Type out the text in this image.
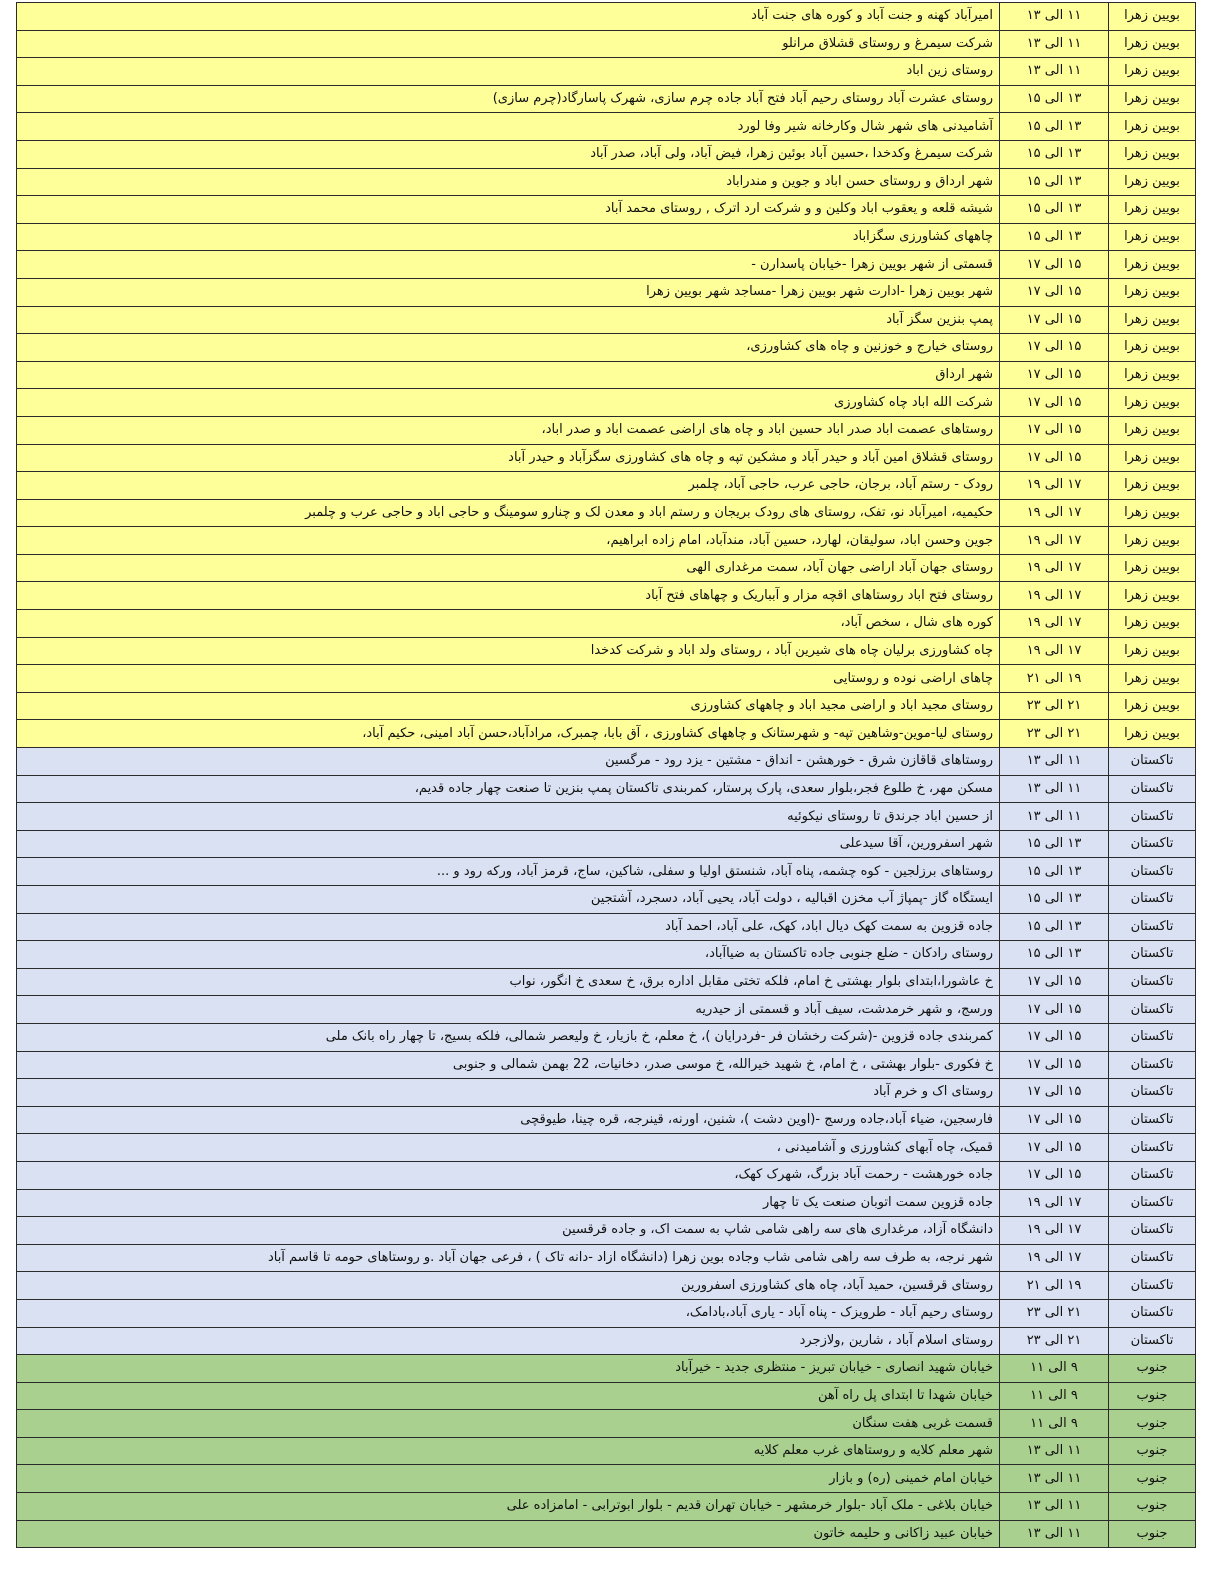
بویین زهرا	۱۱ الی ۱۳	امیرآباد کهنه و جنت آباد و کوره های جنت آباد
بویین زهرا	۱۱ الی ۱۳	شرکت سیمرغ و روستای قشلاق مرانلو
بویین زهرا	۱۱ الی ۱۳	روستای زین اباد
بویین زهرا	۱۳ الی ۱۵	روستای عشرت آباد روستای رحیم آباد فتح آباد جاده چرم سازی، شهرک پاسارگاد(چرم سازی)
بویین زهرا	۱۳ الی ۱۵	آشامیدنی های شهر شال وکارخانه شیر وفا لورد
بویین زهرا	۱۳ الی ۱۵	شرکت سیمرغ وکدخدا ،حسین آباد بوئین زهرا، فیض آباد، ولی آباد، صدر آباد
بویین زهرا	۱۳ الی ۱۵	شهر ارداق و روستای حسن اباد و جوین و مندراباد
بویین زهرا	۱۳ الی ۱۵	شیشه قلعه و یعقوب اباد وکلین و و شرکت ارد اترک , روستای محمد آباد
بویین زهرا	۱۳ الی ۱۵	چاههای کشاورزی سگزاباد
بویین زهرا	۱۵ الی ۱۷	قسمتی از شهر بویین زهرا -خیابان پاسدارن -
بویین زهرا	۱۵ الی ۱۷	شهر بویین زهرا -ادارت شهر بویین زهرا -مساجد شهر بویین زهرا
بویین زهرا	۱۵ الی ۱۷	پمپ بنزین سگز آباد
بویین زهرا	۱۵ الی ۱۷	روستای خیارج و خوزنین و چاه های کشاورزی،
بویین زهرا	۱۵ الی ۱۷	شهر ارداق
بویین زهرا	۱۵ الی ۱۷	شرکت الله اباد چاه کشاورزی
بویین زهرا	۱۵ الی ۱۷	روستاهای عصمت اباد صدر اباد حسین اباد و چاه های اراضی عصمت اباد و صدر اباد،
بویین زهرا	۱۵ الی ۱۷	روستای قشلاق امین آباد و حیدر آباد و مشکین تپه و چاه های کشاورزی سگزآباد و حیدر آباد
بویین زهرا	۱۷ الی ۱۹	رودک - رستم آباد، برجان، حاجی عرب، حاجی آباد، چلمبر
بویین زهرا	۱۷ الی ۱۹	حکیمیه، امیرآباد نو، تفک، روستای های رودک بریجان و رستم اباد و معدن لک و چنارو سومینگ و حاجی اباد و حاجی عرب و چلمبر
بویین زهرا	۱۷ الی ۱۹	جوین وحسن اباد، سولیقان، لهارد، حسین آباد، مندآباد، امام زاده ابراهیم،
بویین زهرا	۱۷ الی ۱۹	روستای جهان آباد اراضی جهان آباد، سمت مرغداری الهی
بویین زهرا	۱۷ الی ۱۹	روستای فتح اباد روستاهای اقچه مزار و آبباریک و چهاهای فتح آباد
بویین زهرا	۱۷ الی ۱۹	کوره های شال ، سخص آباد،
بویین زهرا	۱۷ الی ۱۹	چاه کشاورزی برلیان چاه های شیرین آباد ، روستای ولد اباد و شرکت کدخدا
بویین زهرا	۱۹ الی ۲۱	چاهای اراضی نوده و روستایی
بویین زهرا	۲۱ الی ۲۳	روستای مجید اباد و اراضی مجید اباد و چاههای کشاورزی
بویین زهرا	۲۱ الی ۲۳	روستای لیا-موین-وشاهین تپه- و شهرستانک و چاههای کشاورزی ، آق بابا، چمبرک، مرادآباد،حسن آباد امینی، حکیم آباد،
تاکستان	۱۱ الی ۱۳	روستاهای قاقازن شرق - خورهشن - انداق - مشتین - یزد رود - مرگسین
تاکستان	۱۱ الی ۱۳	مسکن مهر، خ طلوع فجر،بلوار سعدی، پارک پرستار، کمربندی تاکستان پمپ بنزین تا صنعت چهار جاده قدیم،
تاکستان	۱۱ الی ۱۳	از حسین اباد جرندق تا روستای نیکوئیه
تاکستان	۱۳ الی ۱۵	شهر اسفرورین، آقا سیدعلی
تاکستان	۱۳ الی ۱۵	روستاهای برزلجین - کوه چشمه، پناه آباد، شنستق اولیا و سفلی، شاکین، ساج، قرمز آباد، ورکه رود و ...
تاکستان	۱۳ الی ۱۵	ایستگاه گاز -پمپاژ آب مخزن اقبالیه ، دولت آباد، یحیی آباد، دسجرد، آشتجین
تاکستان	۱۳ الی ۱۵	جاده قزوین به سمت کهک دیال اباد، کهک، علی آباد، احمد آباد
تاکستان	۱۳ الی ۱۵	روستای رادکان - ضلع جنوبی جاده تاکستان به ضیاآباد،
تاکستان	۱۵ الی ۱۷	خ عاشورا،ابتدای بلوار بهشتی خ امام، فلکه تختی مقابل اداره برق، خ سعدی خ انگور، نواب
تاکستان	۱۵ الی ۱۷	ورسج، و شهر خرمدشت، سیف آباد و قسمتی از حیدریه
تاکستان	۱۵ الی ۱۷	کمربندی جاده قزوین -(شرکت رخشان فر -فردرایان )، خ معلم، خ بازیار، خ ولیعصر شمالی، فلکه بسیج، تا چهار راه بانک ملی
تاکستان	۱۵ الی ۱۷	خ فکوری -بلوار بهشتی ، خ امام، خ شهید خیرالله، خ موسی صدر، دخانیات، 22 بهمن شمالی و جنوبی
تاکستان	۱۵ الی ۱۷	روستای اک و خرم آباد
تاکستان	۱۵ الی ۱۷	فارسجین، ضیاء آباد،جاده ورسج -(اوین دشت )، شنین، اورنه، قینرجه، قره چینا، طیوقچی
تاکستان	۱۵ الی ۱۷	قمیک، چاه آبهای کشاورزی و آشامیدنی ،
تاکستان	۱۵ الی ۱۷	جاده خورهشت - رحمت آباد بزرگ، شهرک کهک،
تاکستان	۱۷ الی ۱۹	جاده قزوین سمت اتوبان صنعت یک تا چهار
تاکستان	۱۷ الی ۱۹	دانشگاه آزاد، مرغداری های سه راهی شامی شاپ به سمت اک، و جاده قرقسین
تاکستان	۱۷ الی ۱۹	شهر نرجه، به طرف سه راهی شامی شاب وجاده بوین زهرا (دانشگاه ازاد -دانه تاک ) ، فرعی جهان آباد .و روستاهای حومه تا قاسم آباد
تاکستان	۱۹ الی ۲۱	روستای قرقسین، حمید آباد، چاه های کشاورزی اسفرورین
تاکستان	۲۱ الی ۲۳	روستای رحیم آباد - طرویزک - پناه آباد - یاری آباد،بادامک،
تاکستان	۲۱ الی ۲۳	روستای اسلام آباد ، شارین ,ولازجرد
جنوب	۹ الی ۱۱	خیابان شهید انصاری - خیابان تبریز - منتظری جدید - خیرآباد
جنوب	۹ الی ۱۱	خیابان شهدا تا ابتدای پل راه آهن
جنوب	۹ الی ۱۱	قسمت غربی هفت سنگان
جنوب	۱۱ الی ۱۳	شهر معلم کلایه و روستاهای غرب معلم کلایه
جنوب	۱۱ الی ۱۳	خیابان امام خمینی (ره) و بازار
جنوب	۱۱ الی ۱۳	خیابان بلاغی - ملک آباد -بلوار خرمشهر - خیابان تهران قدیم - بلوار ابوترابی - امامزاده علی
جنوب	۱۱ الی ۱۳	خیابان عبید زاکانی و حلیمه خاتون
